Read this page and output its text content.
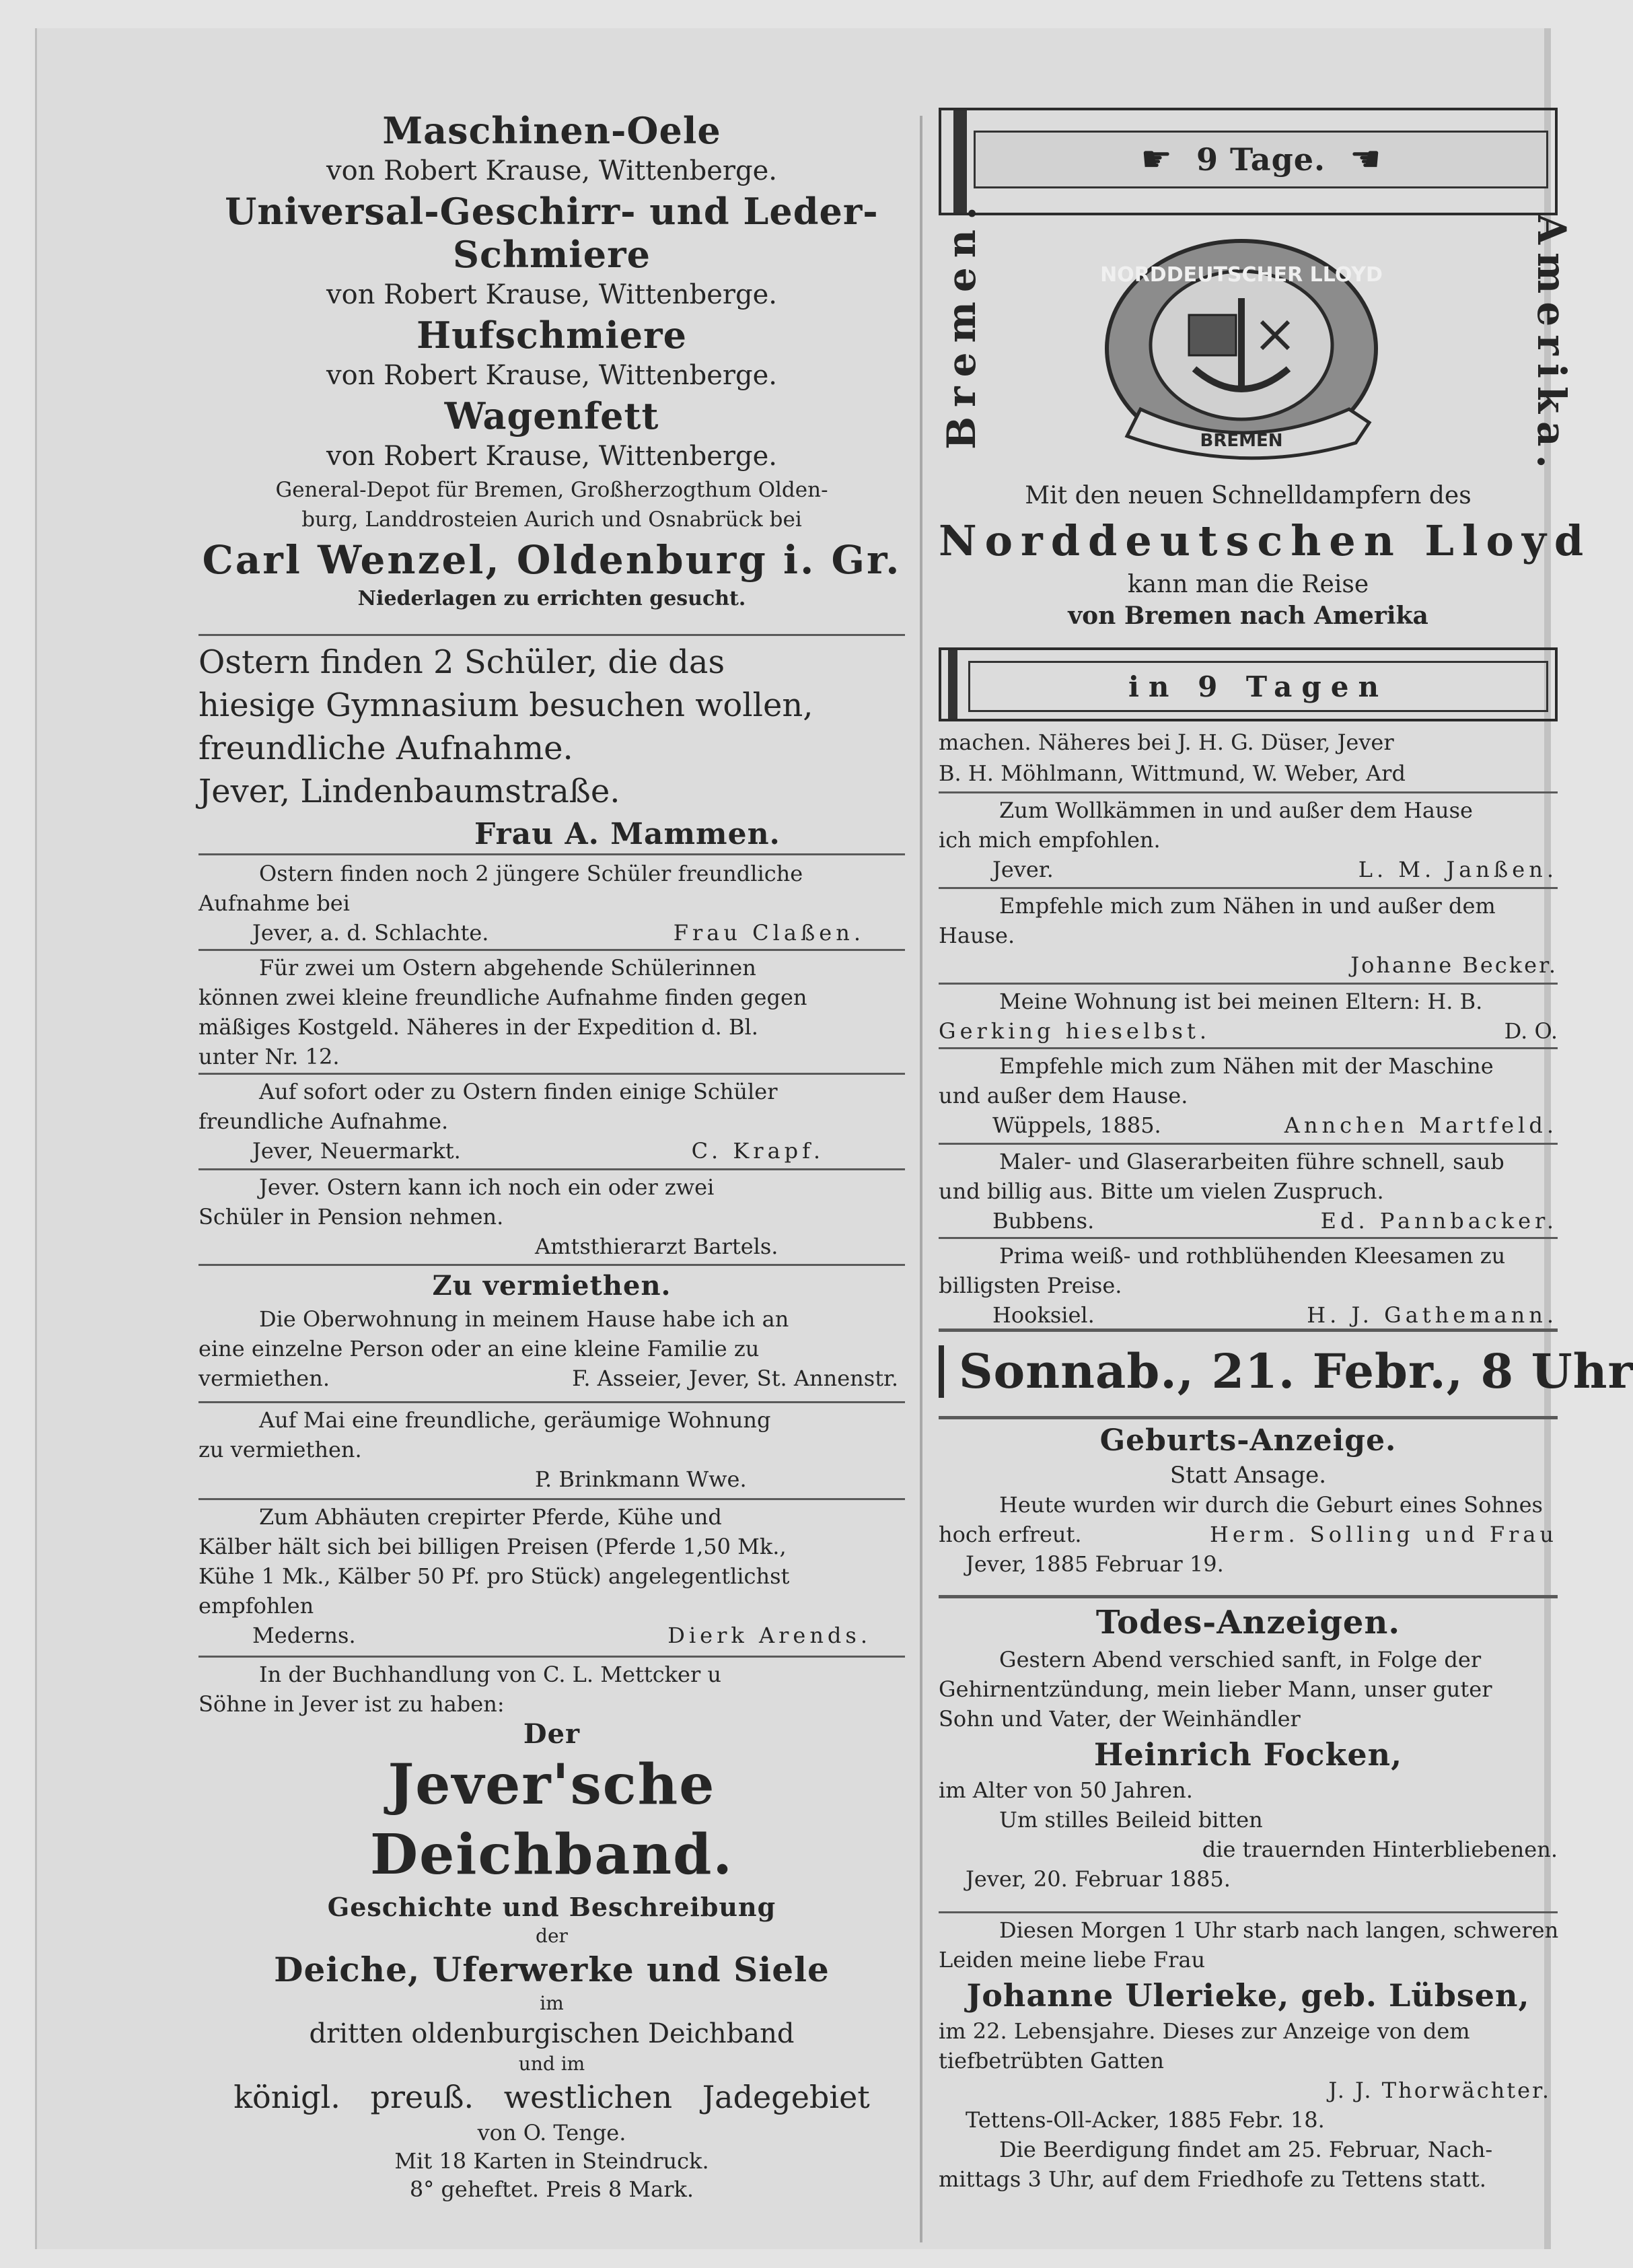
Maschinen-Oele
von Robert Krause, Wittenberge.
Universal-Geschirr- und Leder-Schmiere
von Robert Krause, Wittenberge.
Hufschmiere
von Robert Krause, Wittenberge.
Wagenfett
von Robert Krause, Wittenberge.
General-Depot für Bremen, Großherzogthum Olden-
burg, Landdrosteien Aurich und Osnabrück bei
Carl Wenzel, Oldenburg i. Gr.
Niederlagen zu errichten gesucht.
Ostern finden 2 Schüler, die das
hiesige Gymnasium besuchen wollen,
freundliche Aufnahme.
Jever, Lindenbaumstraße.
Frau A. Mammen.
Ostern finden noch 2 jüngere Schüler freundliche
Aufnahme bei
Jever, a. d. Schlachte.	Frau Claßen.
Für zwei um Ostern abgehende Schülerinnen
können zwei kleine freundliche Aufnahme finden gegen
mäßiges Kostgeld. Näheres in der Expedition d. Bl.
unter Nr. 12.
Auf sofort oder zu Ostern finden einige Schüler
freundliche Aufnahme.
Jever, Neuermarkt.	C. Krapf.
Jever. Ostern kann ich noch ein oder zwei
Schüler in Pension nehmen.
Amtsthierarzt Bartels.
Zu vermiethen.
Die Oberwohnung in meinem Hause habe ich an
eine einzelne Person oder an eine kleine Familie zu
vermiethen.	F. Asseier, Jever, St. Annenstr.
Auf Mai eine freundliche, geräumige Wohnung
zu vermiethen.
P. Brinkmann Wwe.
Zum Abhäuten crepirter Pferde, Kühe und
Kälber hält sich bei billigen Preisen (Pferde 1,50 Mk.,
Kühe 1 Mk., Kälber 50 Pf. pro Stück) angelegentlichst
empfohlen
Mederns.	Dierk Arends.
In der Buchhandlung von C. L. Mettcker u
Söhne in Jever ist zu haben:
Der
Jever'sche Deichband.
Geschichte und Beschreibung
der
Deiche, Uferwerke und Siele
im
dritten oldenburgischen Deichband
und im
königl. preuß. westlichen Jadegebiet
von O. Tenge.
Mit 18 Karten in Steindruck.
8° geheftet. Preis 8 Mark.
☛ 9 Tage. ☛
Bremen.	Amerika.
NORDDEUTSCHER LLOYD
BREMEN
Mit den neuen Schnelldampfern des
Norddeutschen Lloyd
kann man die Reise
von Bremen nach Amerika
in 9 Tagen
machen. Näheres bei J. H. G. Düser, Jever
B. H. Möhlmann, Wittmund, W. Weber, Ard
Zum Wollkämmen in und außer dem Hause
ich mich empfohlen.
Jever.	L. M. Janßen.
Empfehle mich zum Nähen in und außer dem
Hause.
Johanne Becker.
Meine Wohnung ist bei meinen Eltern: H. B.
Gerking hieselbst.	D. O.
Empfehle mich zum Nähen mit der Maschine
und außer dem Hause.
Wüppels, 1885.	Annchen Martfeld.
Maler- und Glaserarbeiten führe schnell, saub
und billig aus. Bitte um vielen Zuspruch.
Bubbens.	Ed. Pannbacker.
Prima weiß- und rothblühenden Kleesamen zu
billigsten Preise.
Hooksiel.	H. J. Gathemann.
Sonnab., 21. Febr., 8 Uhr
Geburts-Anzeige.
Statt Ansage.
Heute wurden wir durch die Geburt eines Sohnes
hoch erfreut.	Herm. Solling und Frau
Jever, 1885 Februar 19.
Todes-Anzeigen.
Gestern Abend verschied sanft, in Folge der
Gehirnentzündung, mein lieber Mann, unser guter
Sohn und Vater, der Weinhändler
Heinrich Focken,
im Alter von 50 Jahren.
Um stilles Beileid bitten
die trauernden Hinterbliebenen.
Jever, 20. Februar 1885.
Diesen Morgen 1 Uhr starb nach langen, schweren
Leiden meine liebe Frau
Johanne Ulerieke, geb. Lübsen,
im 22. Lebensjahre. Dieses zur Anzeige von dem
tiefbetrübten Gatten
J. J. Thorwächter.
Tettens-Oll-Acker, 1885 Febr. 18.
Die Beerdigung findet am 25. Februar, Nach-
mittags 3 Uhr, auf dem Friedhofe zu Tettens statt.
